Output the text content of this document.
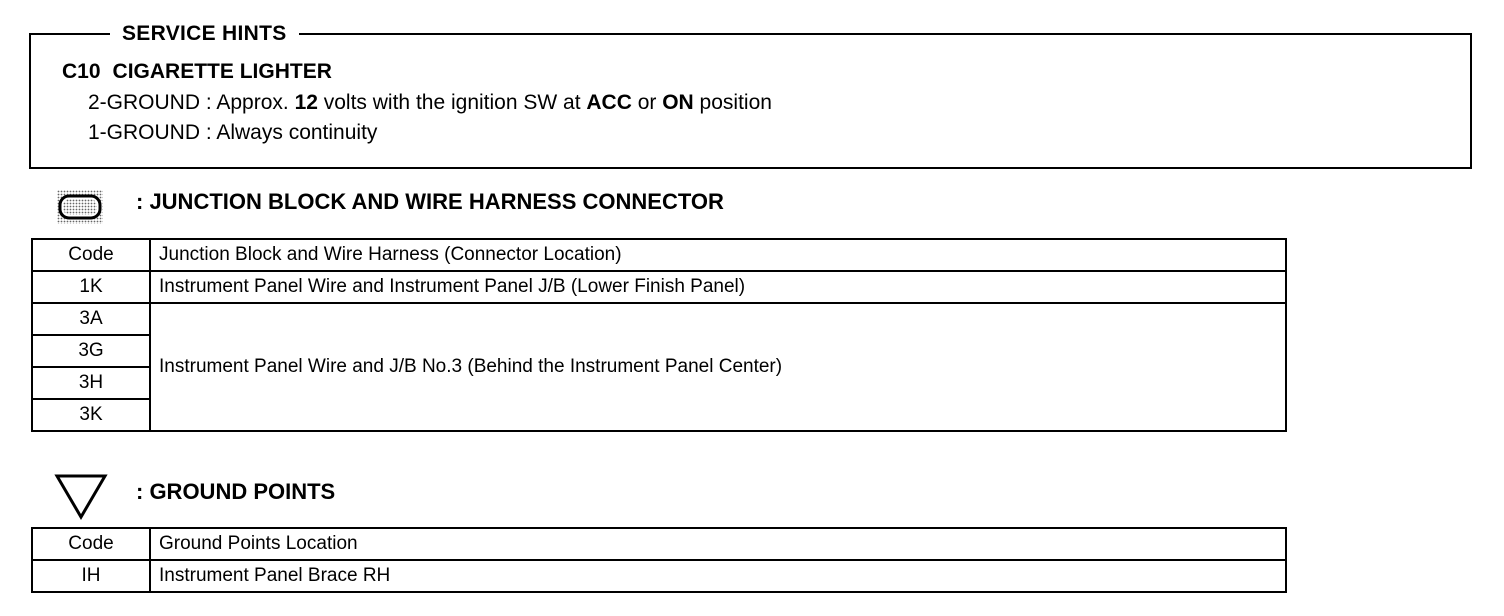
SERVICE HINTS
C10 CIGARETTE LIGHTER
2-GROUND : Approx. 12 volts with the ignition SW at ACC or ON position
1-GROUND : Always continuity
: JUNCTION BLOCK AND WIRE HARNESS CONNECTOR
Code	Junction Block and Wire Harness (Connector Location)
1K	Instrument Panel Wire and Instrument Panel J/B (Lower Finish Panel)
3A	Instrument Panel Wire and J/B No.3 (Behind the Instrument Panel Center)
3G	
3H	
3K	
: GROUND POINTS
Code	Ground Points Location
IH	Instrument Panel Brace RH
